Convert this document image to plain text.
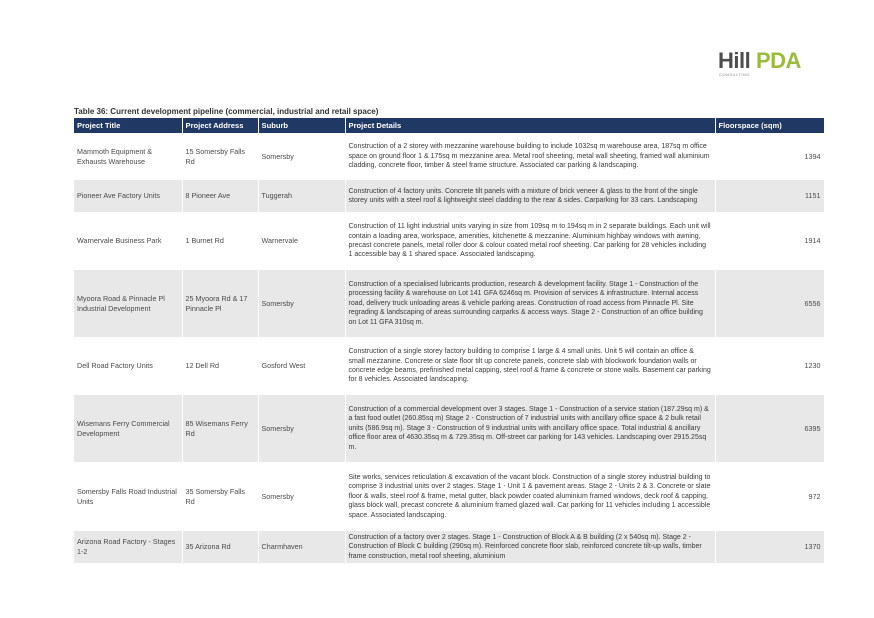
Hill PDA
CONSULTING
Table 36: Current development pipeline (commercial, industrial and retail space)
Project Title	Project Address	Suburb	Project Details	Floorspace (sqm)
Mammoth Equipment & Exhausts Warehouse	15 Somersby Falls Rd	Somersby	Construction of a 2 storey with mezzanine warehouse building to include 1032sq m warehouse area, 187sq m office space on ground floor 1 & 175sq m mezzanine area. Metal roof sheeting, metal wall sheeting, framed wall aluminium cladding, concrete floor, timber & steel frame structure. Associated car parking & landscaping.	1394
Pioneer Ave Factory Units	8 Pioneer Ave	Tuggerah	Construction of 4 factory units. Concrete tilt panels with a mixture of brick veneer & glass to the front of the single storey units with a steel roof & lightweight steel cladding to the rear & sides. Carparking for 33 cars. Landscaping	1151
Warnervale Business Park	1 Burnet Rd	Warnervale	Construction of 11 light industrial units varying in size from 109sq m to 194sq m in 2 separate buildings. Each unit will contain a loading area, workspace, amenities, kitchenette & mezzanine. Aluminium highbay windows with awning, precast concrete panels, metal roller door & colour coated metal roof sheeting. Car parking for 28 vehicles including 1 accessible bay & 1 shared space. Associated landscaping.	1914
Myoora Road & Pinnacle Pl Industrial Development	25 Myoora Rd & 17 Pinnacle Pl	Somersby	Construction of a specialised lubricants production, research & development facility. Stage 1 - Construction of the processing facility & warehouse on Lot 141 GFA 6246sq m. Provision of services & infrastructure. Internal access road, delivery truck unloading areas & vehicle parking areas. Construction of road access from Pinnacle Pl. Site regrading & landscaping of areas surrounding carparks & access ways. Stage 2 - Construction of an office building on Lot 11 GFA 310sq m.	6556
Dell Road Factory Units	12 Dell Rd	Gosford West	Construction of a single storey factory building to comprise 1 large & 4 small units. Unit 5 will contain an office & small mezzanine. Concrete or slate floor tilt up concrete panels, concrete slab with blockwork foundation walls or concrete edge beams, prefinished metal capping, steel roof & frame & concrete or stone walls. Basement car parking for 8 vehicles. Associated landscaping.	1230
Wisemans Ferry Commercial Development	85 Wisemans Ferry Rd	Somersby	Construction of a commercial development over 3 stages. Stage 1 - Construction of a service station (187.29sq m) & a fast food outlet (260.85sq m) Stage 2 - Construction of 7 industrial units with ancillary office space & 2 bulk retail units (586.9sq m). Stage 3 - Construction of 9 industrial units with ancillary office space. Total industrial & ancillary office floor area of 4630.35sq m & 729.35sq m. Off-street car parking for 143 vehicles. Landscaping over 2915.25sq m.	6395
Somersby Falls Road Industrial Units	35 Somersby Falls Rd	Somersby	Site works, services reticulation & excavation of the vacant block. Construction of a single storey industrial building to comprise 3 industrial units over 2 stages. Stage 1 - Unit 1 & pavement areas. Stage 2 - Units 2 & 3. Concrete or slate floor & walls, steel roof & frame, metal gutter, black powder coated aluminium framed windows, deck roof & capping, glass block wall, precast concrete & aluminium framed glazed wall. Car parking for 11 vehicles including 1 accessible space. Associated landscaping.	972
Arizona Road Factory - Stages 1-2	35 Arizona Rd	Charmhaven	Construction of a factory over 2 stages. Stage 1 - Construction of Block A & B building (2 x 540sq m). Stage 2 - Construction of Block C building (290sq m). Reinforced concrete floor slab, reinforced concrete tilt-up walls, timber frame construction, metal roof sheeting, aluminium	1370
